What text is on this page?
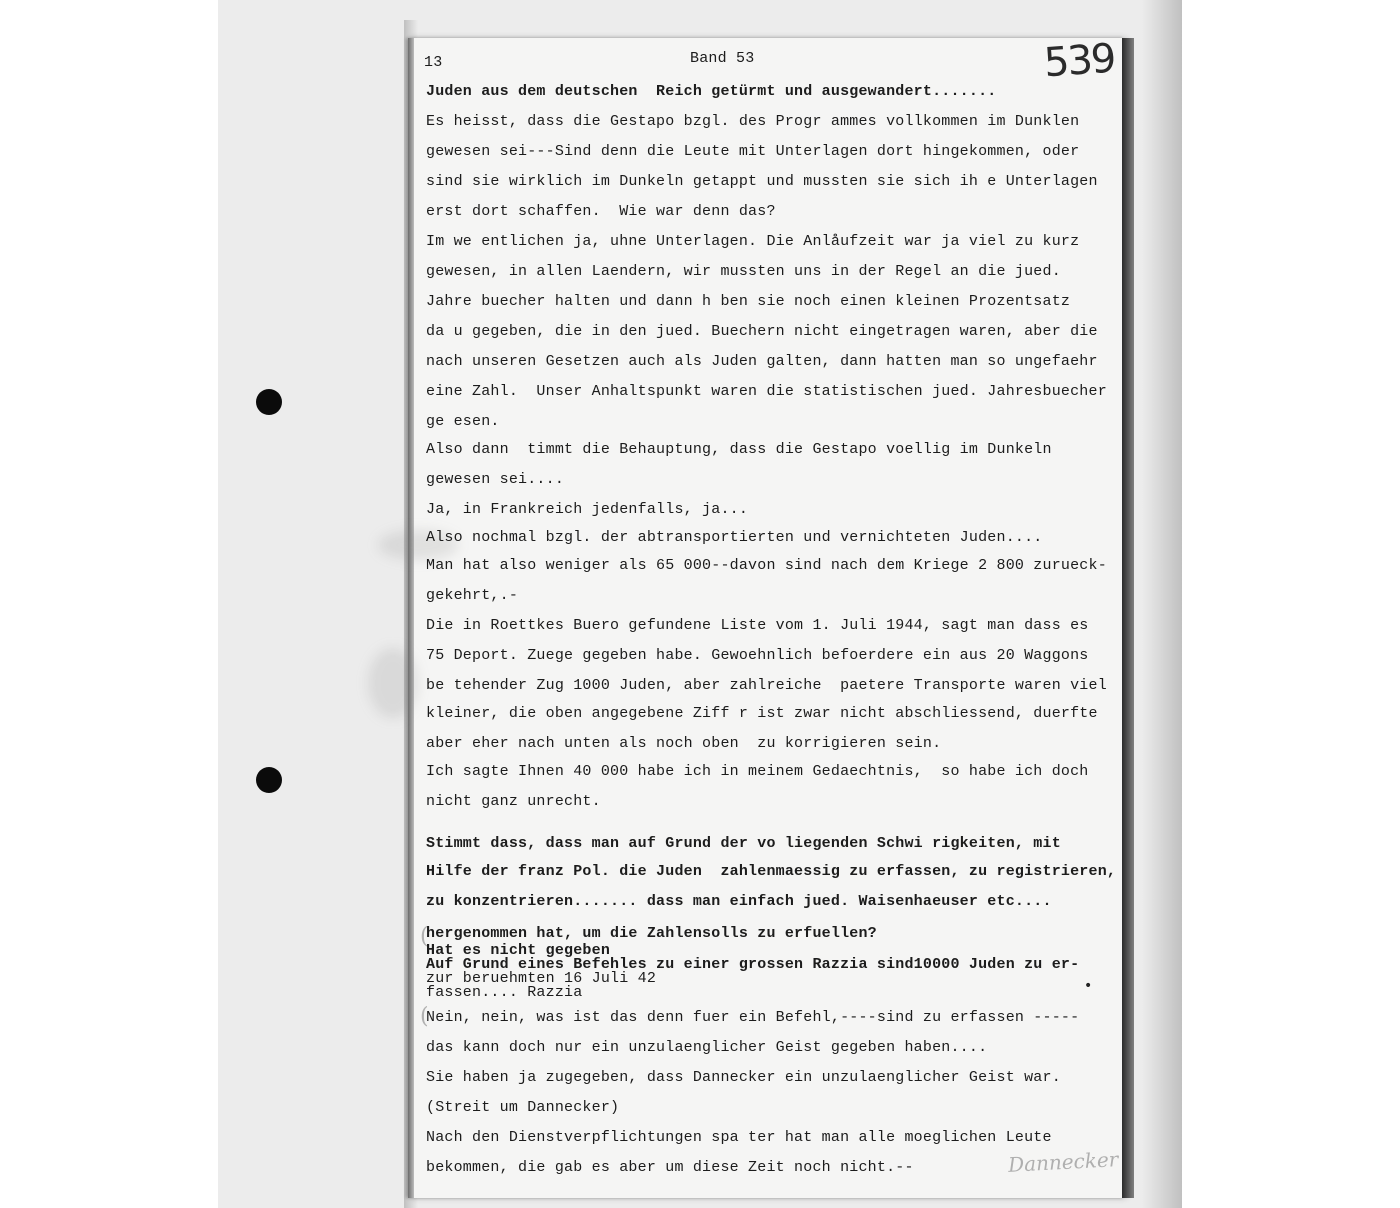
13	Band 53	539
Juden aus dem deutschen  Reich getürmt und ausgewandert.......
Es heisst, dass die Gestapo bzgl. des Progr ammes vollkommen im Dunklen
gewesen sei---Sind denn die Leute mit Unterlagen dort hingekommen, oder
sind sie wirklich im Dunkeln getappt und mussten sie sich ih e Unterlagen
erst dort schaffen.  Wie war denn das?
Im we entlichen ja, uhne Unterlagen. Die Anlåufzeit war ja viel zu kurz
gewesen, in allen Laendern, wir mussten uns in der Regel an die jued.
Jahre buecher halten und dann h ben sie noch einen kleinen Prozentsatz
da u gegeben, die in den jued. Buechern nicht eingetragen waren, aber die
nach unseren Gesetzen auch als Juden galten, dann hatten man so ungefaehr
eine Zahl.  Unser Anhaltspunkt waren die statistischen jued. Jahresbuecher
ge esen.
Also dann  timmt die Behauptung, dass die Gestapo voellig im Dunkeln
gewesen sei....
Ja, in Frankreich jedenfalls, ja...
Also nochmal bzgl. der abtransportierten und vernichteten Juden....
Man hat also weniger als 65 000--davon sind nach dem Kriege 2 800 zurueck-
gekehrt,.-
Die in Roettkes Buero gefundene Liste vom 1. Juli 1944, sagt man dass es
75 Deport. Zuege gegeben habe. Gewoehnlich befoerdere ein aus 20 Waggons
be tehender Zug 1000 Juden, aber zahlreiche  paetere Transporte waren viel
kleiner, die oben angegebene Ziff r ist zwar nicht abschliessend, duerfte
aber eher nach unten als noch oben  zu korrigieren sein.
Ich sagte Ihnen 40 000 habe ich in meinem Gedaechtnis,  so habe ich doch
nicht ganz unrecht.
Stimmt dass, dass man auf Grund der vo liegenden Schwi rigkeiten, mit
Hilfe der franz Pol. die Juden  zahlenmaessig zu erfassen, zu registrieren,
zu konzentrieren....... dass man einfach jued. Waisenhaeuser etc....
hergenommen hat, um die Zahlensolls zu erfuellen?
(
Hat es nicht gegeben
Auf Grund eines Befehles zu einer grossen Razzia sind10000 Juden zu er-
zur beruehmten 16 Juli 42
fassen.... Razzia	•
(
Nein, nein, was ist das denn fuer ein Befehl,----sind zu erfassen -----
das kann doch nur ein unzulaenglicher Geist gegeben haben....
Sie haben ja zugegeben, dass Dannecker ein unzulaenglicher Geist war.
(Streit um Dannecker)
Nach den Dienstverpflichtungen spa ter hat man alle moeglichen Leute
bekommen, die gab es aber um diese Zeit noch nicht.--	Dannecker
